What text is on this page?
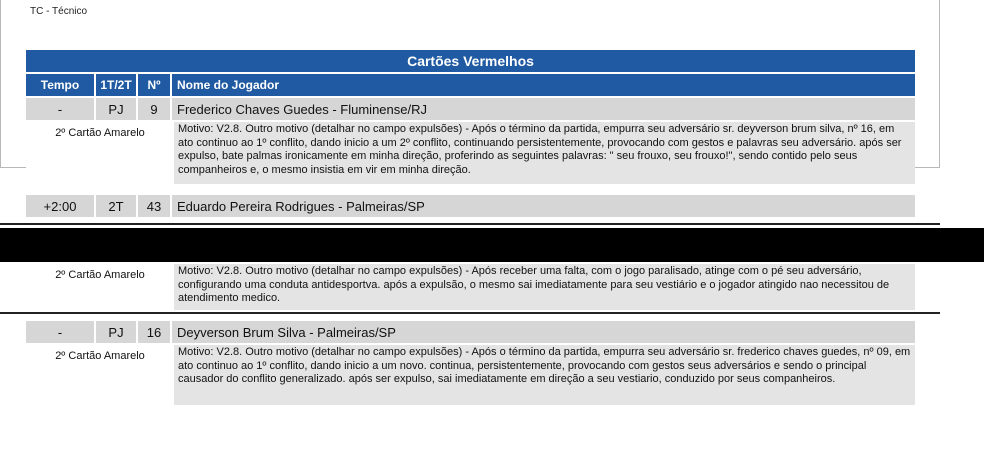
TC - Técnico
Cartões Vermelhos
Tempo	1T/2T	Nº	Nome do Jogador
-	PJ	9	Frederico Chaves Guedes - Fluminense/RJ
2º Cartão Amarelo	Motivo: V2.8. Outro motivo (detalhar no campo expulsões) - Após o término da partida, empurra seu adversário sr. deyverson brum silva, nº 16, em ato continuo ao 1º conflito, dando inicio a um 2º conflito, continuando persistentemente, provocando com gestos e palavras seu adversário. após ser expulso, bate palmas ironicamente em minha direção, proferindo as seguintes palavras: " seu frouxo, seu frouxo!", sendo contido pelo seus companheiros e, o mesmo insistia em vir em minha direção.
+2:00	2T	43	Eduardo Pereira Rodrigues - Palmeiras/SP
2º Cartão Amarelo	Motivo: V2.8. Outro motivo (detalhar no campo expulsões) - Após receber uma falta, com o jogo paralisado, atinge com o pé seu adversário, configurando uma conduta antidesportva. após a expulsão, o mesmo sai imediatamente para seu vestiário e o jogador atingido nao necessitou de atendimento medico.
-	PJ	16	Deyverson Brum Silva - Palmeiras/SP
2º Cartão Amarelo	Motivo: V2.8. Outro motivo (detalhar no campo expulsões) - Após o término da partida, empurra seu adversário sr. frederico chaves guedes, nº 09, em ato continuo ao 1º conflito, dando inicio a um novo. continua, persistentemente, provocando com gestos seus adversários e sendo o principal causador do conflito generalizado. após ser expulso, sai imediatamente em direção a seu vestiario, conduzido por seus companheiros.
